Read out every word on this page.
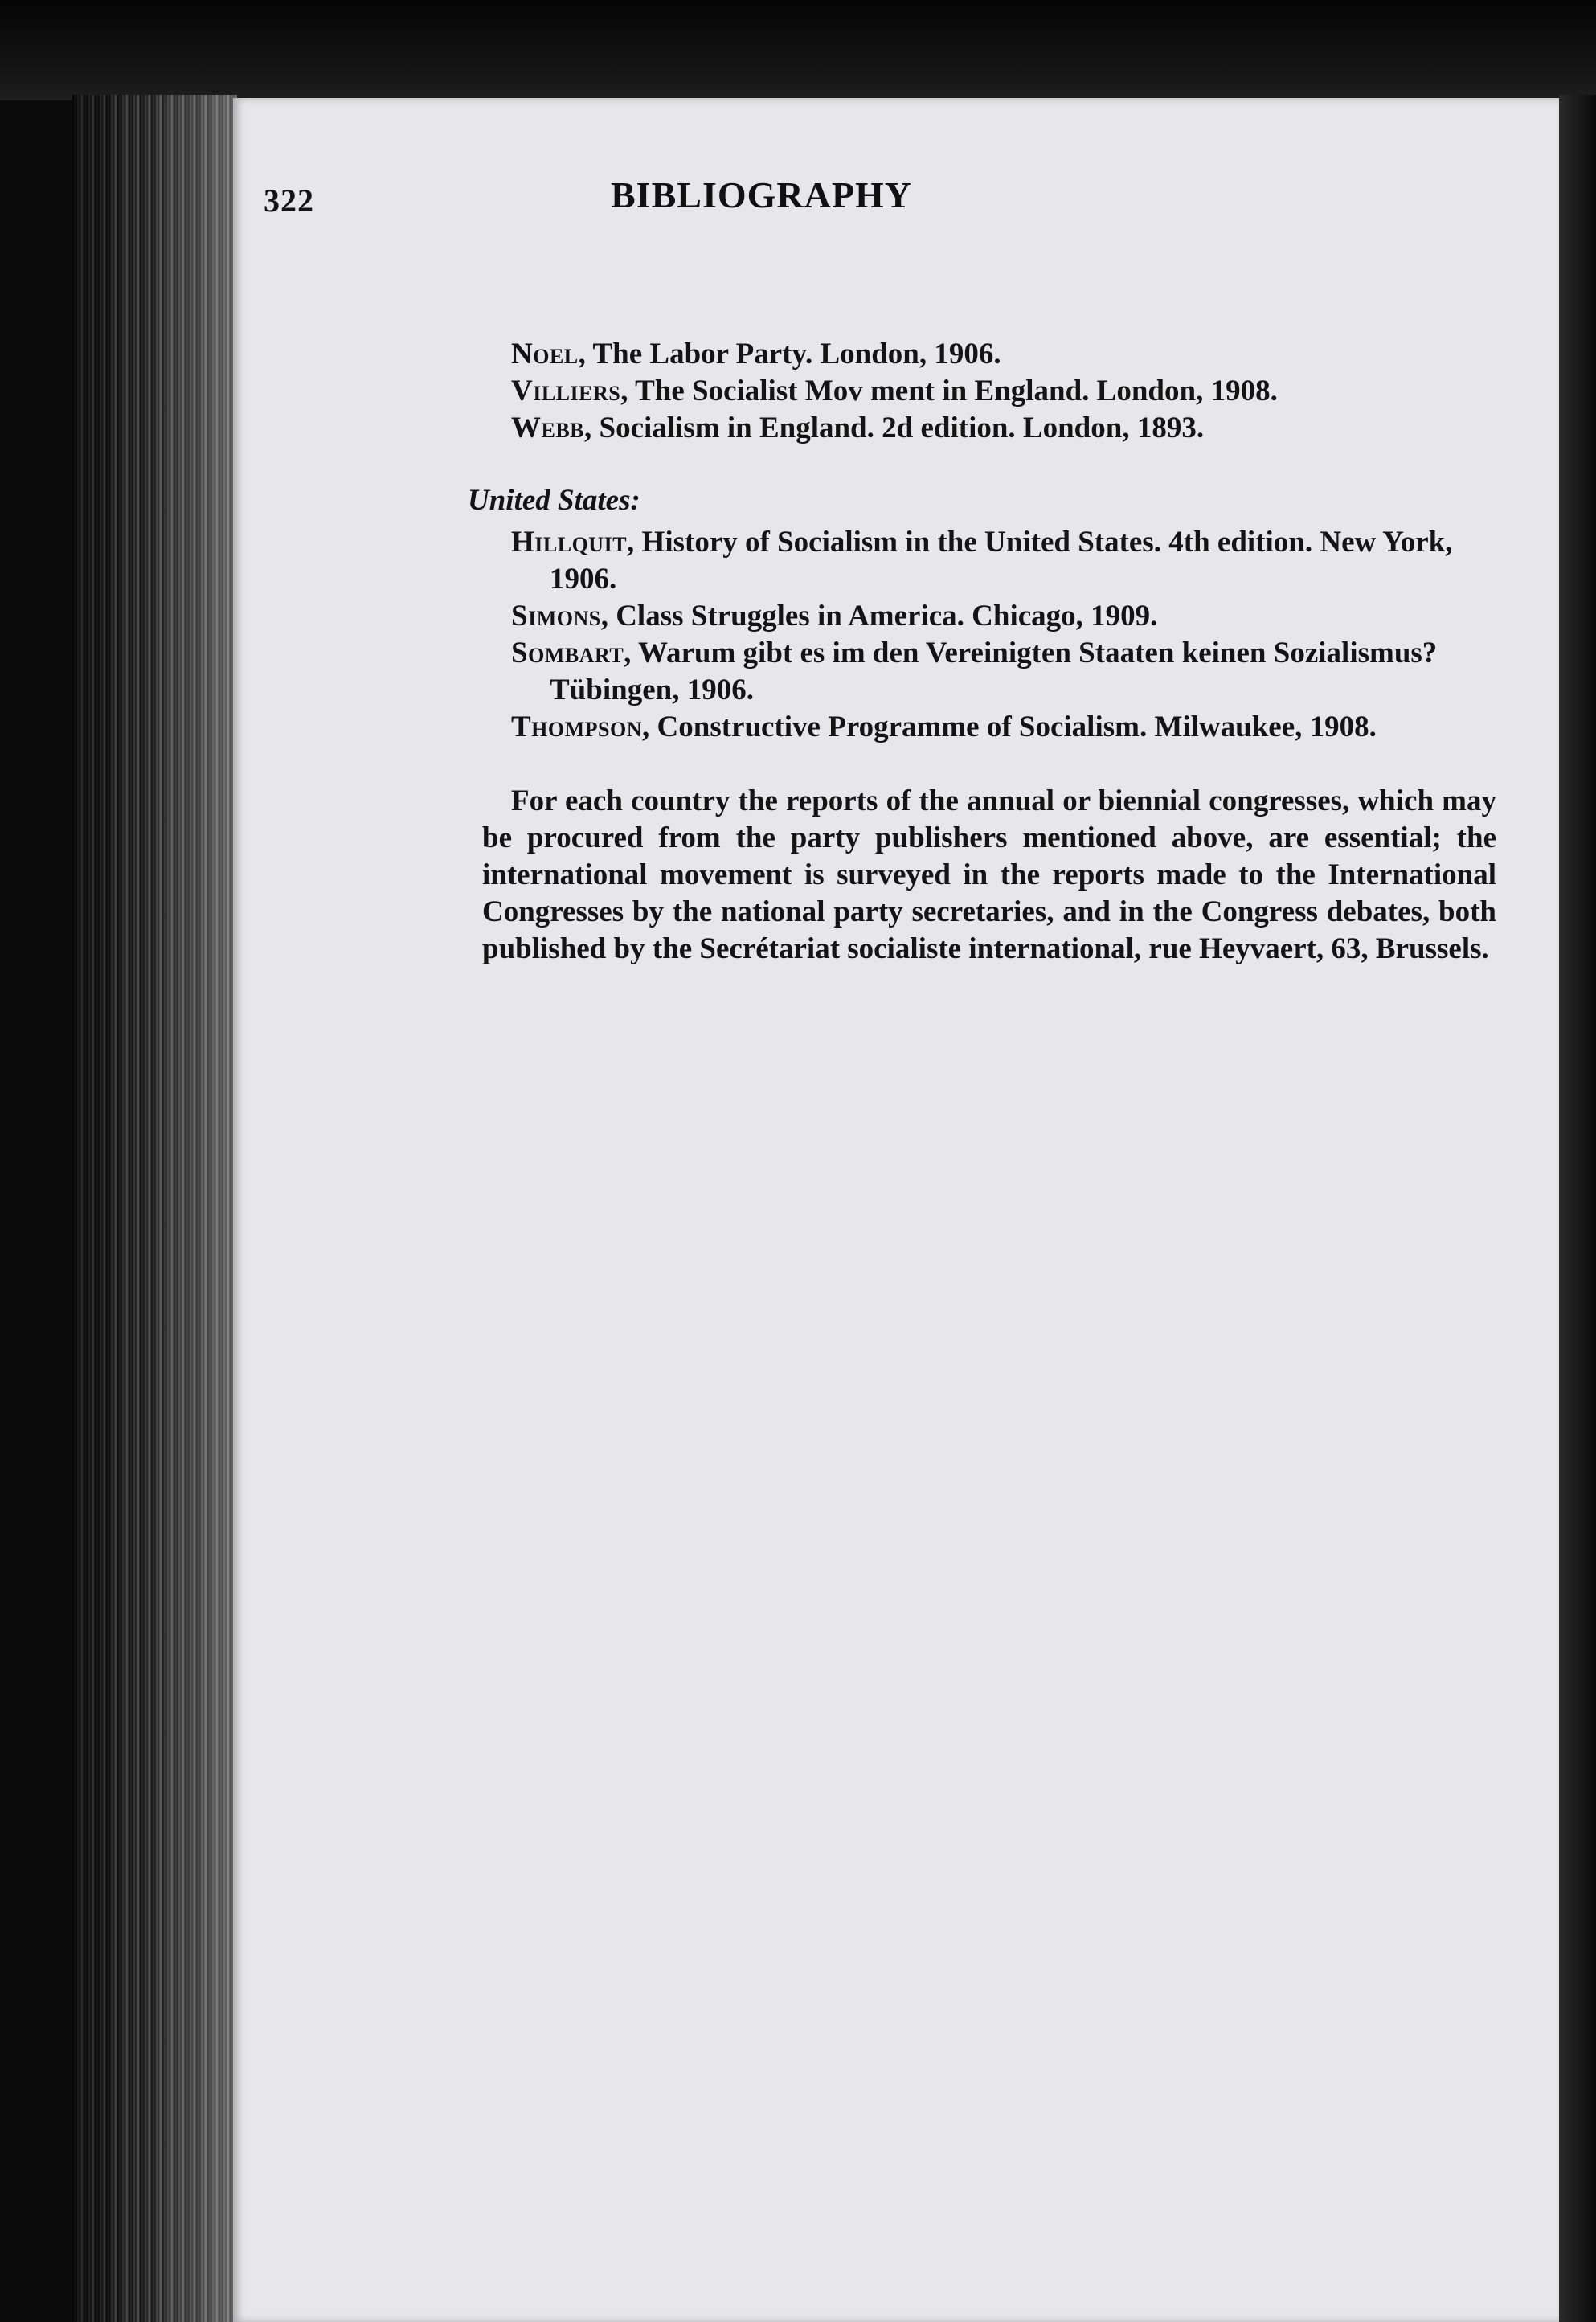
322	BIBLIOGRAPHY

Noel, The Labor Party. London, 1906.

Villiers, The Socialist Mov ment in England. London, 1908.

Webb, Socialism in England. 2d edition. London, 1893.

United States:

Hillquit, History of Socialism in the United States. 4th edition. New York, 1906.

Simons, Class Struggles in America. Chicago, 1909.

Sombart, Warum gibt es im den Vereinigten Staaten keinen Sozialismus? Tübingen, 1906.

Thompson, Constructive Programme of Socialism. Milwaukee, 1908.

For each country the reports of the annual or biennial congresses, which may be procured from the party publishers mentioned above, are essential; the international movement is surveyed in the reports made to the International Congresses by the national party secretaries, and in the Congress debates, both published by the Secrétariat socialiste international, rue Heyvaert, 63, Brussels.
